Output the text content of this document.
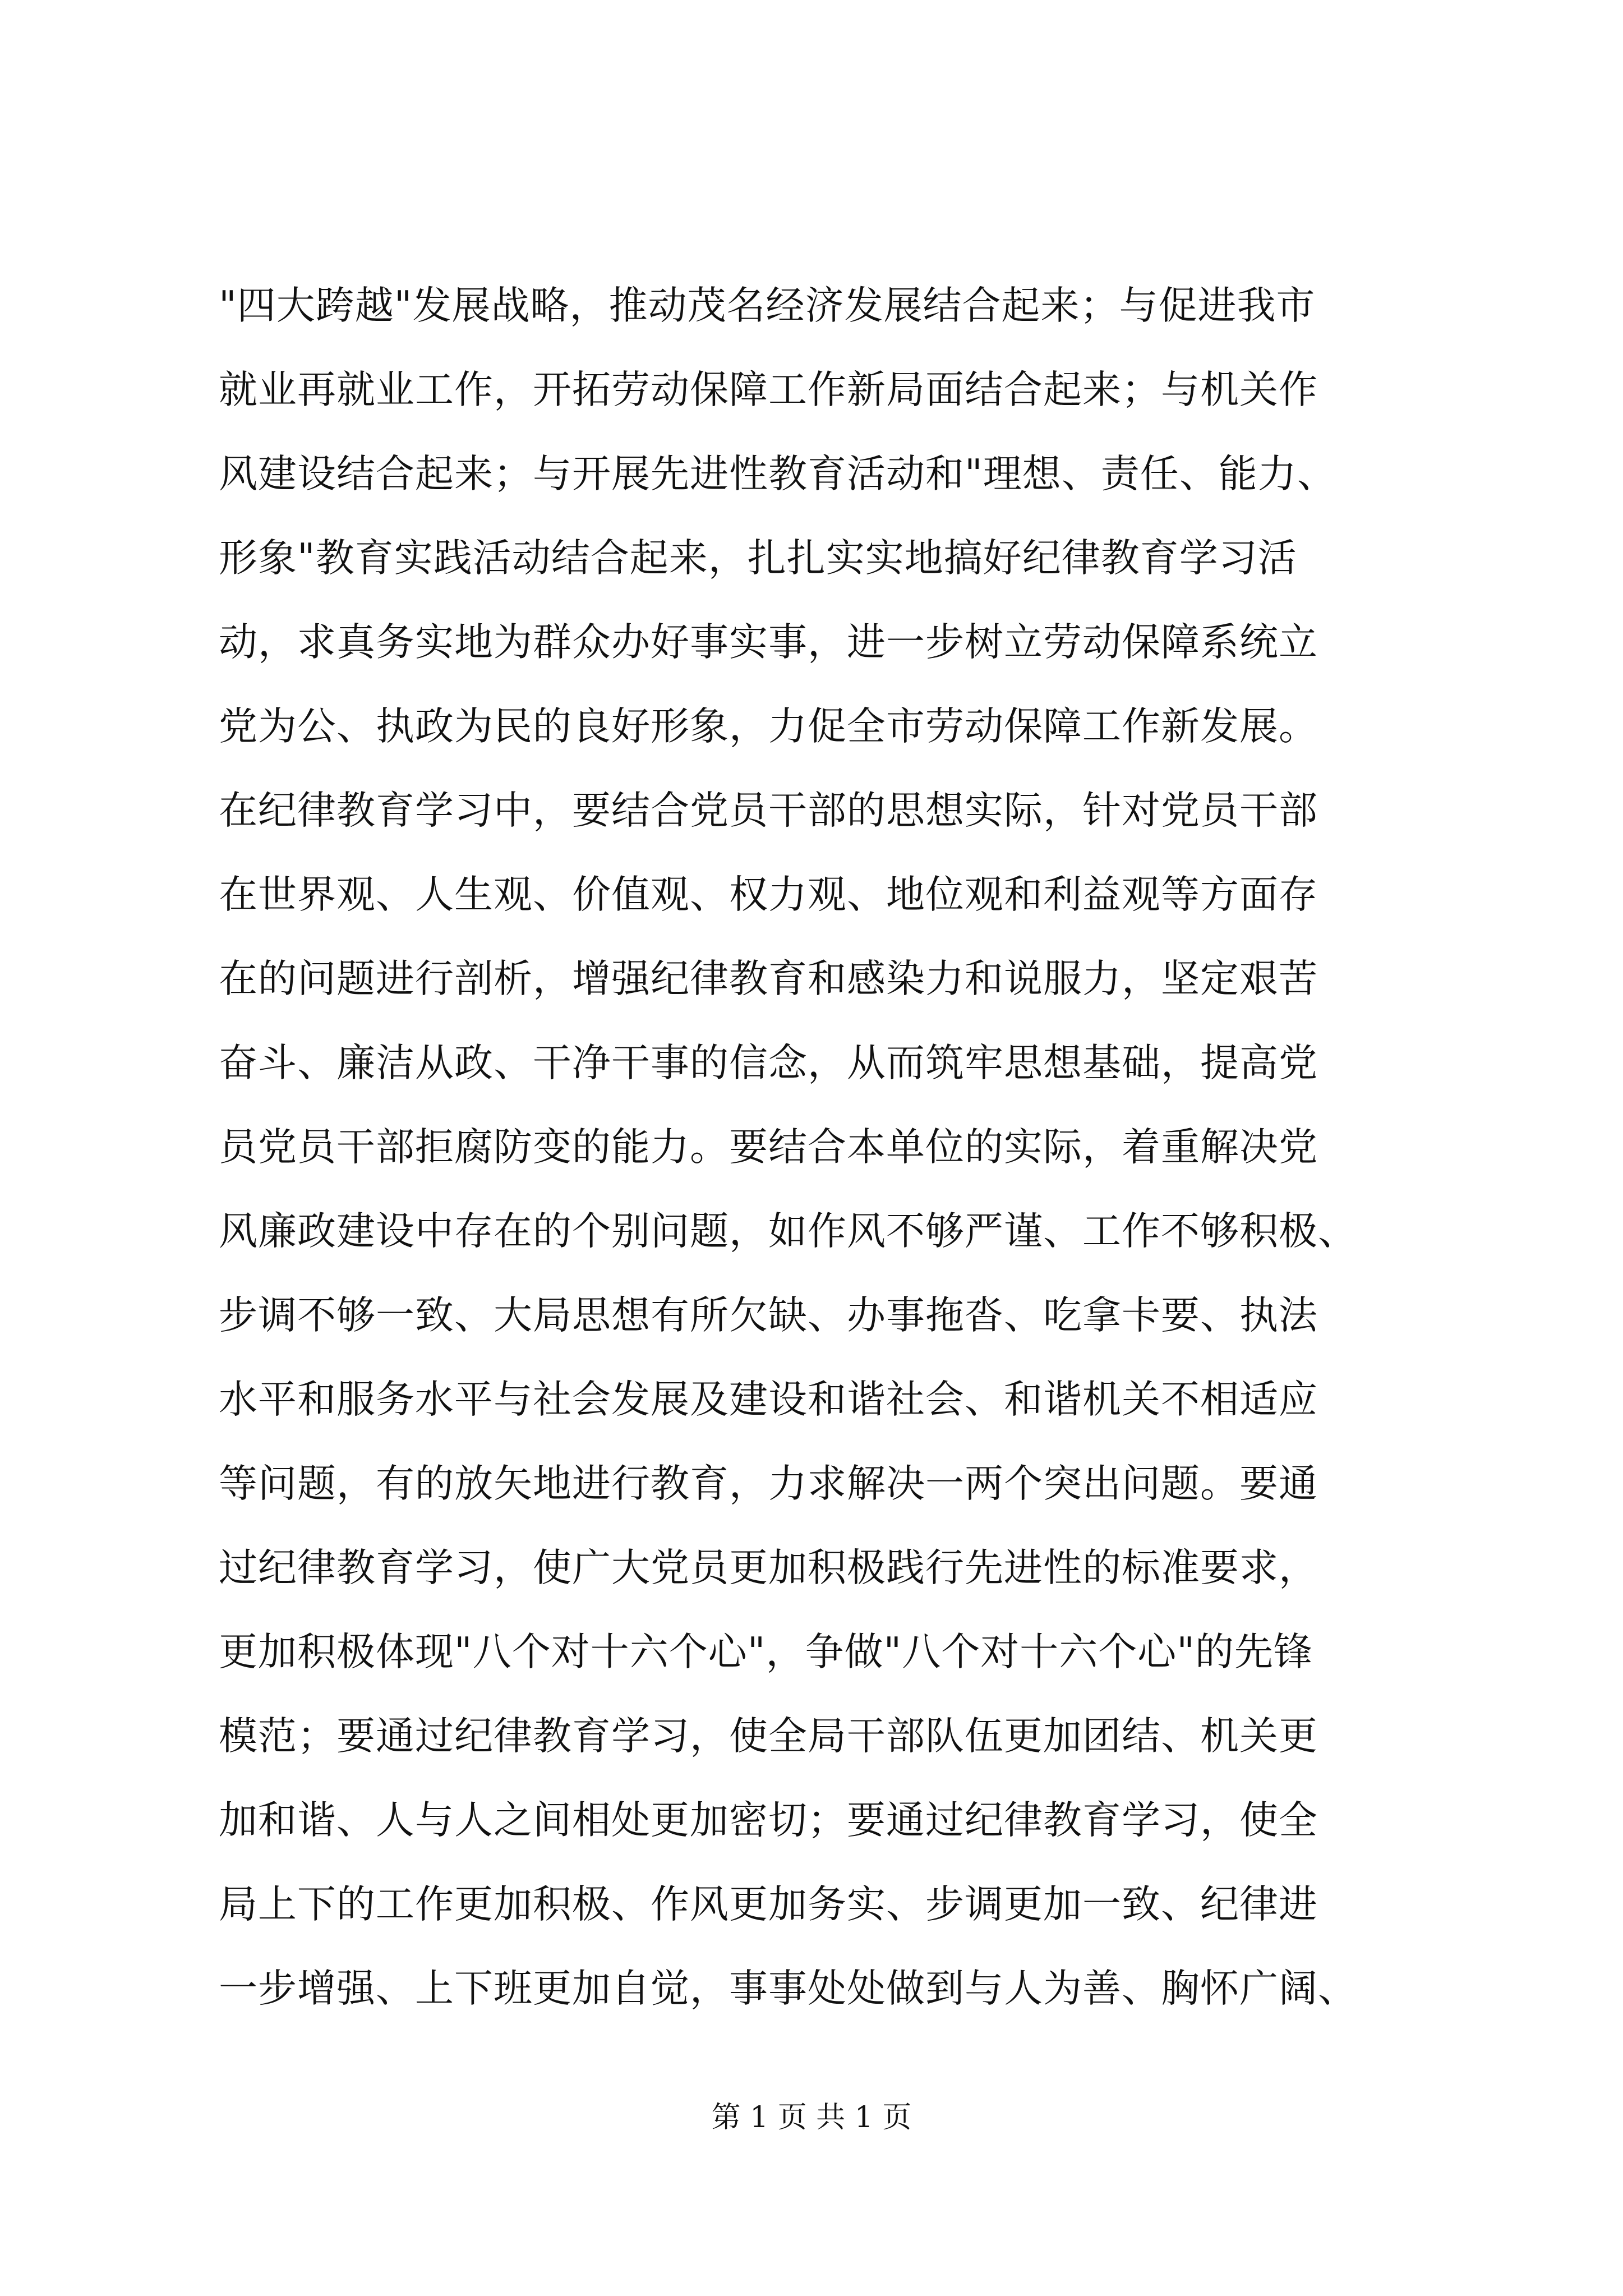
"四大跨越"发展战略，推动茂名经济发展结合起来；与促进我市
就业再就业工作，开拓劳动保障工作新局面结合起来；与机关作
风建设结合起来；与开展先进性教育活动和"理想、责任、能力、
形象"教育实践活动结合起来，扎扎实实地搞好纪律教育学习活
动，求真务实地为群众办好事实事，进一步树立劳动保障系统立
党为公、执政为民的良好形象，力促全市劳动保障工作新发展。
在纪律教育学习中，要结合党员干部的思想实际，针对党员干部
在世界观、人生观、价值观、权力观、地位观和利益观等方面存
在的问题进行剖析，增强纪律教育和感染力和说服力，坚定艰苦
奋斗、廉洁从政、干净干事的信念，从而筑牢思想基础，提高党
员党员干部拒腐防变的能力。要结合本单位的实际，着重解决党
风廉政建设中存在的个别问题，如作风不够严谨、工作不够积极、
步调不够一致、大局思想有所欠缺、办事拖沓、吃拿卡要、执法
水平和服务水平与社会发展及建设和谐社会、和谐机关不相适应
等问题，有的放矢地进行教育，力求解决一两个突出问题。要通
过纪律教育学习，使广大党员更加积极践行先进性的标准要求，
更加积极体现"八个对十六个心"，争做"八个对十六个心"的先锋
模范；要通过纪律教育学习，使全局干部队伍更加团结、机关更
加和谐、人与人之间相处更加密切；要通过纪律教育学习，使全
局上下的工作更加积极、作风更加务实、步调更加一致、纪律进
一步增强、上下班更加自觉，事事处处做到与人为善、胸怀广阔、
第 1 页 共 1 页
